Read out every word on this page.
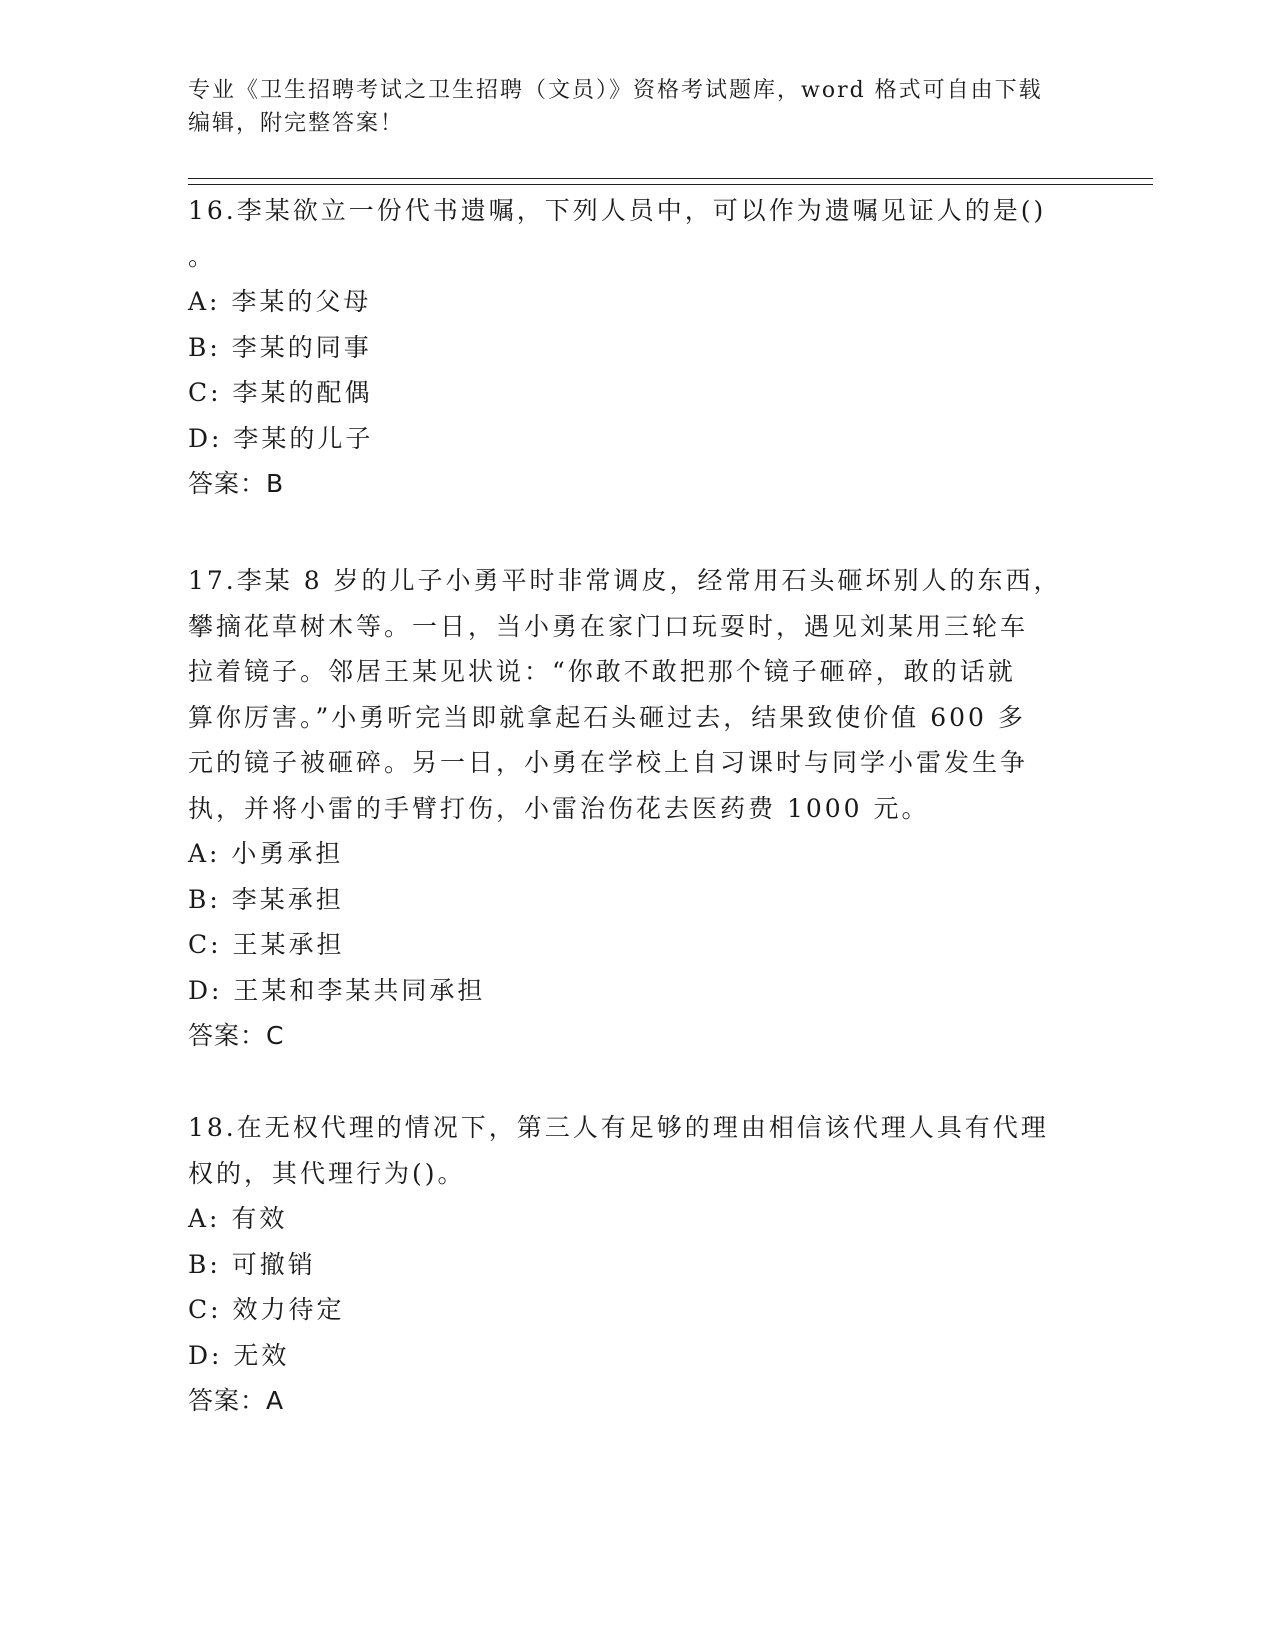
专业《卫生招聘考试之卫生招聘（文员）》资格考试题库，word 格式可自由下载
编辑，附完整答案！
16.李某欲立一份代书遗嘱，下列人员中，可以作为遗嘱见证人的是()
。
A: 李某的父母
B: 李某的同事
C: 李某的配偶
D: 李某的儿子
答案：B
17.李某 8 岁的儿子小勇平时非常调皮，经常用石头砸坏别人的东西，
攀摘花草树木等。一日，当小勇在家门口玩耍时，遇见刘某用三轮车
拉着镜子。邻居王某见状说：“你敢不敢把那个镜子砸碎，敢的话就
算你厉害。”小勇听完当即就拿起石头砸过去，结果致使价值 600 多
元的镜子被砸碎。另一日，小勇在学校上自习课时与同学小雷发生争
执，并将小雷的手臂打伤，小雷治伤花去医药费 1000 元。
A: 小勇承担
B: 李某承担
C: 王某承担
D: 王某和李某共同承担
答案：C
18.在无权代理的情况下，第三人有足够的理由相信该代理人具有代理
权的，其代理行为()。
A: 有效
B: 可撤销
C: 效力待定
D: 无效
答案：A
